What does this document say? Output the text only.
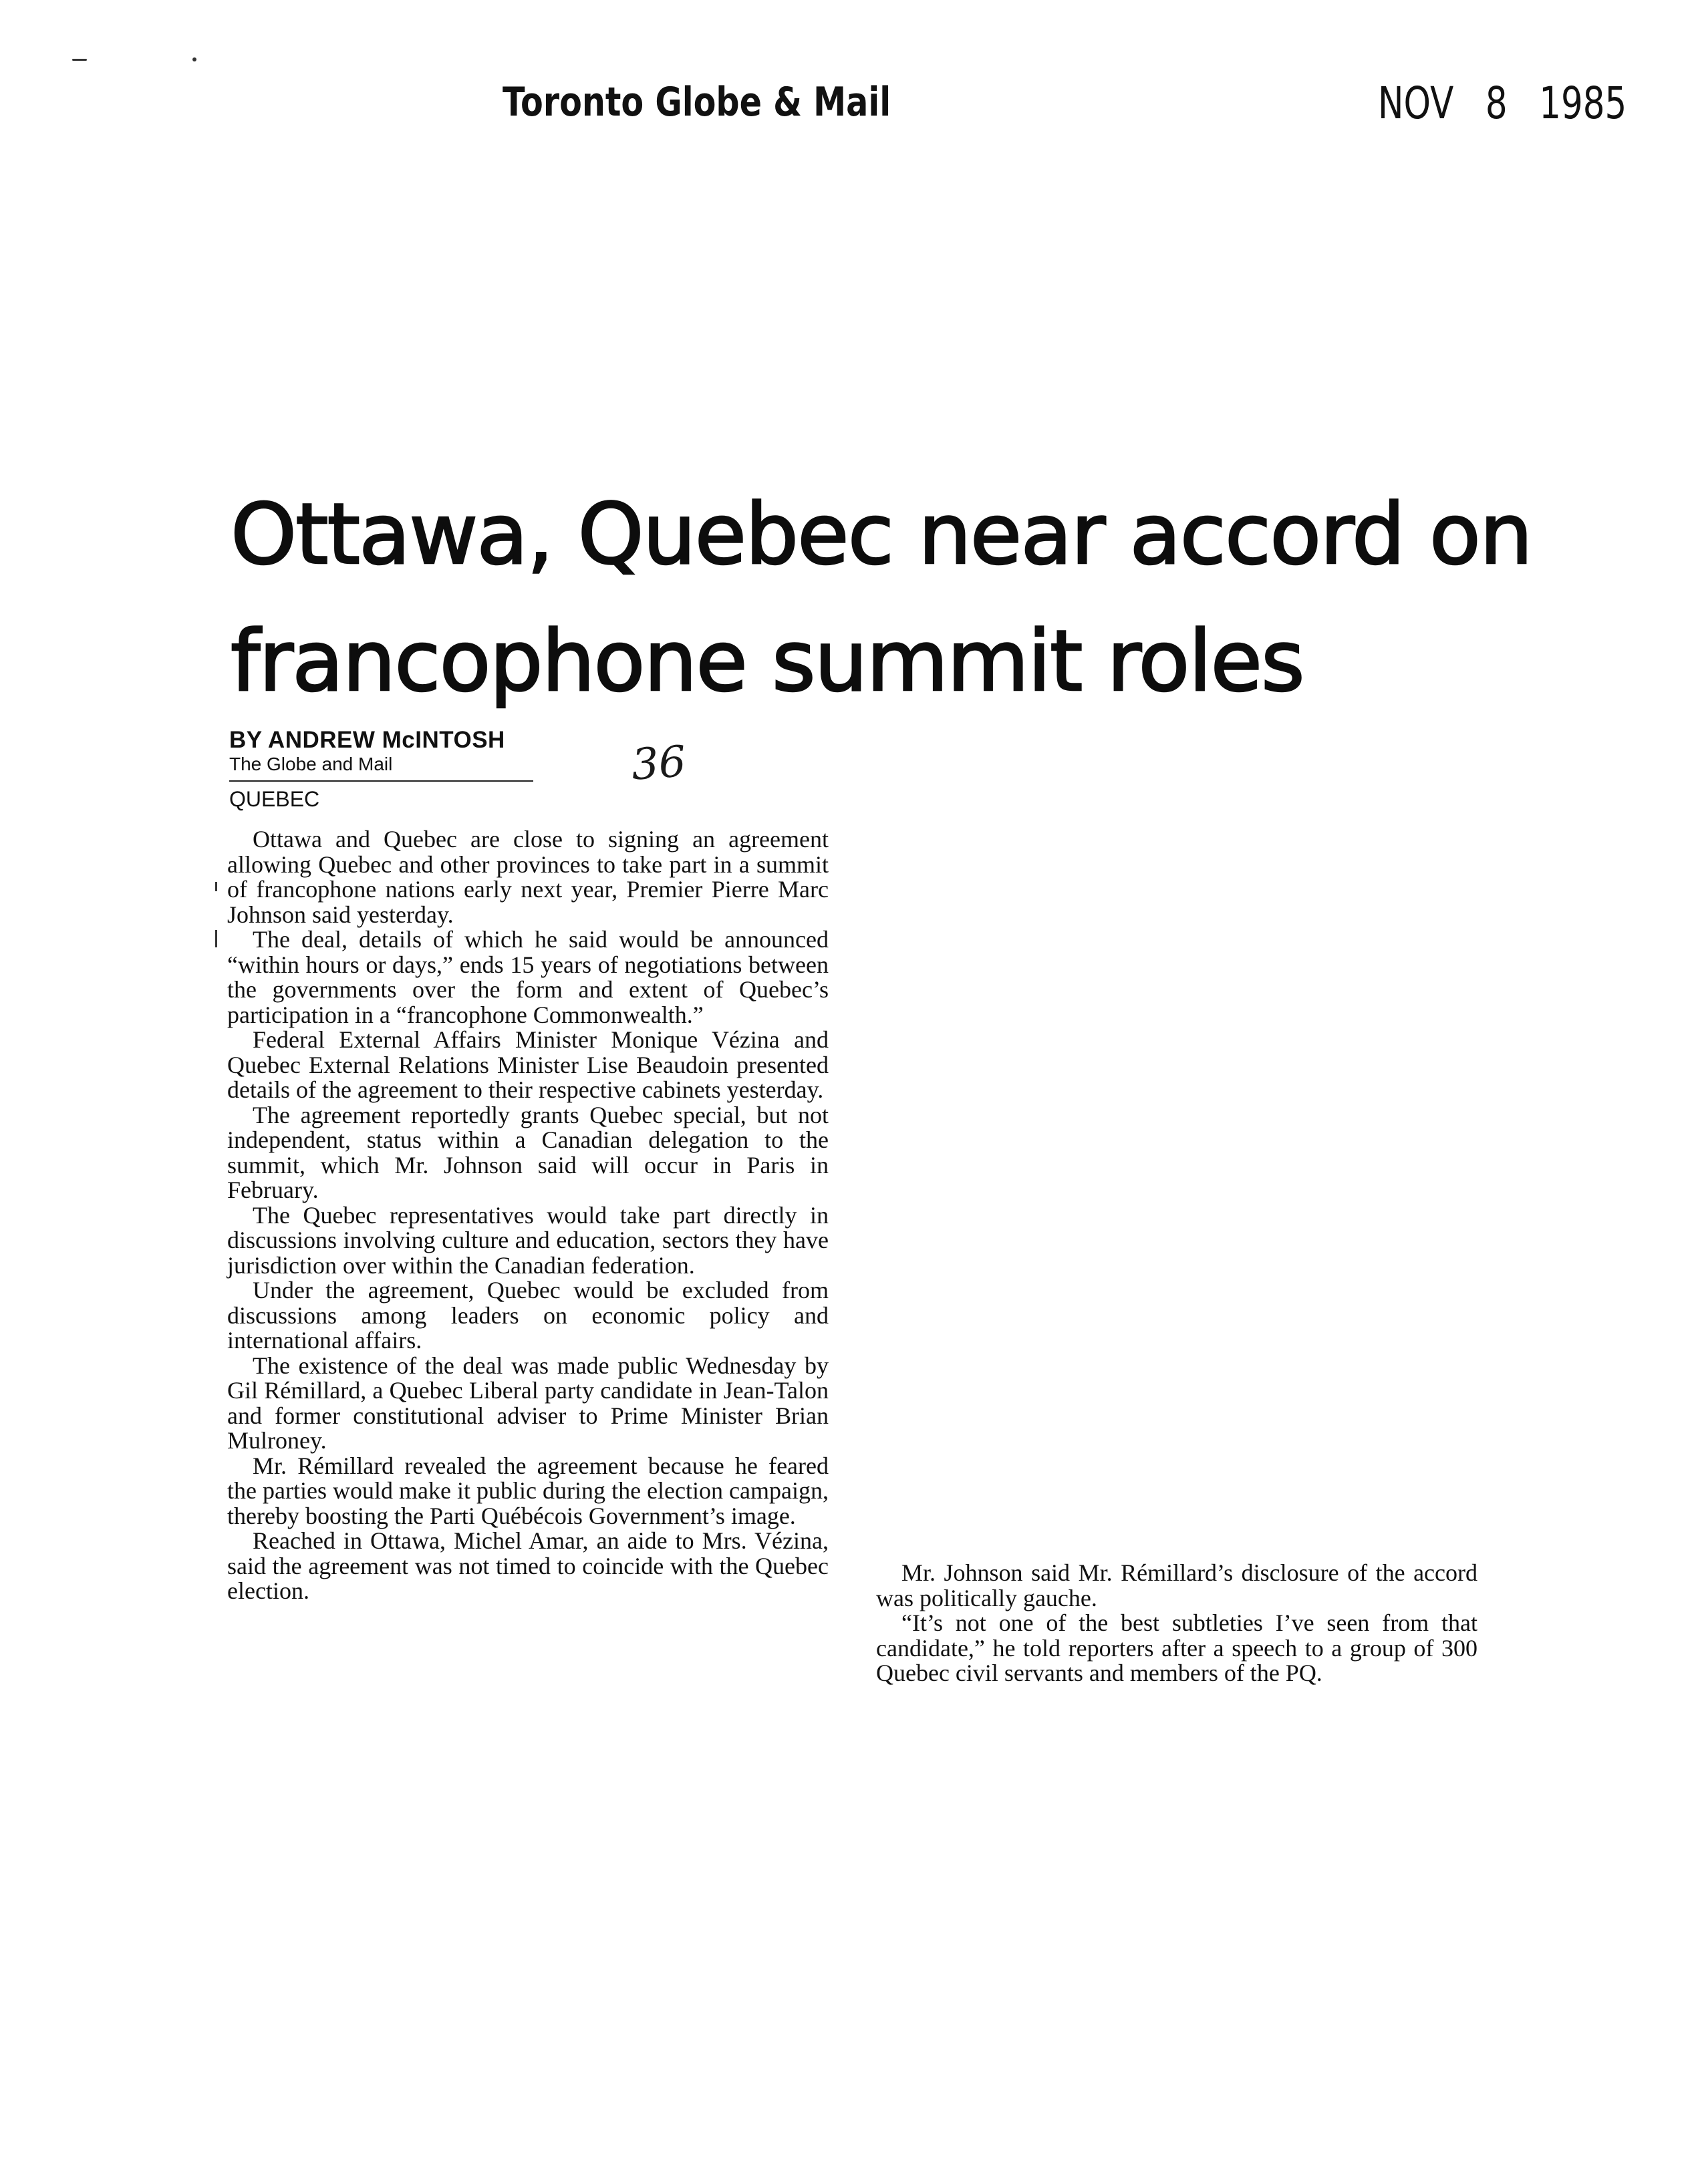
Toronto Globe & Mail	NOV 8 1985
Ottawa, Quebec near accord on francophone summit roles
BY ANDREW McINTOSH
The Globe and Mail
QUEBEC
36

Ottawa and Quebec are close to signing an agreement allowing Quebec and other provinces to take part in a summit of francophone nations early next year, Premier Pierre Marc Johnson said yesterday.

The deal, details of which he said would be announced “within hours or days,” ends 15 years of negotiations between the governments over the form and extent of Quebec’s participation in a “francophone Commonwealth.”

Federal External Affairs Minister Monique Vézina and Quebec External Relations Minister Lise Beaudoin presented details of the agreement to their respective cabinets yesterday.

The agreement reportedly grants Quebec special, but not independent, status within a Canadian delegation to the summit, which Mr. Johnson said will occur in Paris in February.

The Quebec representatives would take part directly in discussions involving culture and education, sectors they have jurisdiction over within the Canadian federation.

Under the agreement, Quebec would be excluded from discussions among leaders on economic policy and international affairs.

The existence of the deal was made public Wednesday by Gil Rémillard, a Quebec Liberal party candidate in Jean-Talon and former constitutional adviser to Prime Minister Brian Mulroney.

Mr. Rémillard revealed the agreement because he feared the parties would make it public during the election campaign, thereby boosting the Parti Québécois Government’s image.

Reached in Ottawa, Michel Amar, an aide to Mrs. Vézina, said the agreement was not timed to coincide with the Quebec election.

Mr. Johnson said Mr. Rémillard’s disclosure of the accord was politically gauche.

“It’s not one of the best subtleties I’ve seen from that candidate,” he told reporters after a speech to a group of 300 Quebec civil servants and members of the PQ.
